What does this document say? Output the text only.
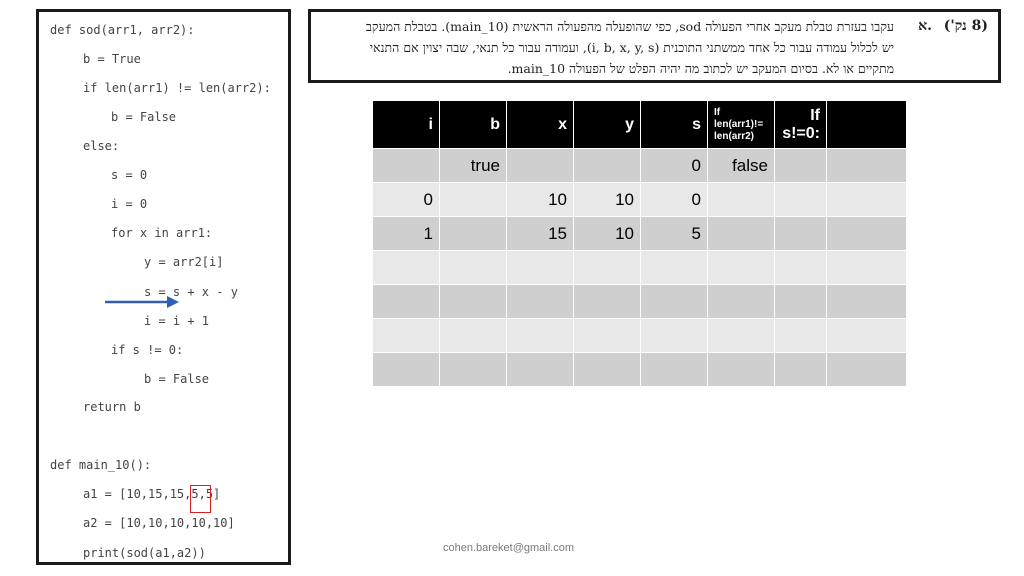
def sod(arr1, arr2):
b = True
if len(arr1) != len(arr2):
b = False
else:
s = 0
i = 0
for x in arr1:
y = arr2[i]
s = s + x - y
i = i + 1
if s != 0:
b = False
return b
def main_10():
a1 = [10,15,15,5,5]
a2 = [10,10,10,10,10]
print(sod(a1,a2))
(8 נק')
א.
עקבו בעזרת טבלת מעקב אחרי הפעולה sod, כפי שהופעלה מהפעולה הראשית (main_10). בטבלת המעקב
יש לכלול עמודה עבור כל אחד ממשתני התוכנית (i, b, x, y, s), ועמודה עבור כל תנאי, שבה יצוין אם התנאי
מתקיים או לא. בסיום המעקב יש לכתוב מה יהיה הפלט של הפעולה main_10.
i	b	x	y	s	If len(arr1)!= len(arr2)	If s!=0:	
	true			0	false		
0		10	10	0			
1		15	10	5			

cohen.bareket@gmail.com
